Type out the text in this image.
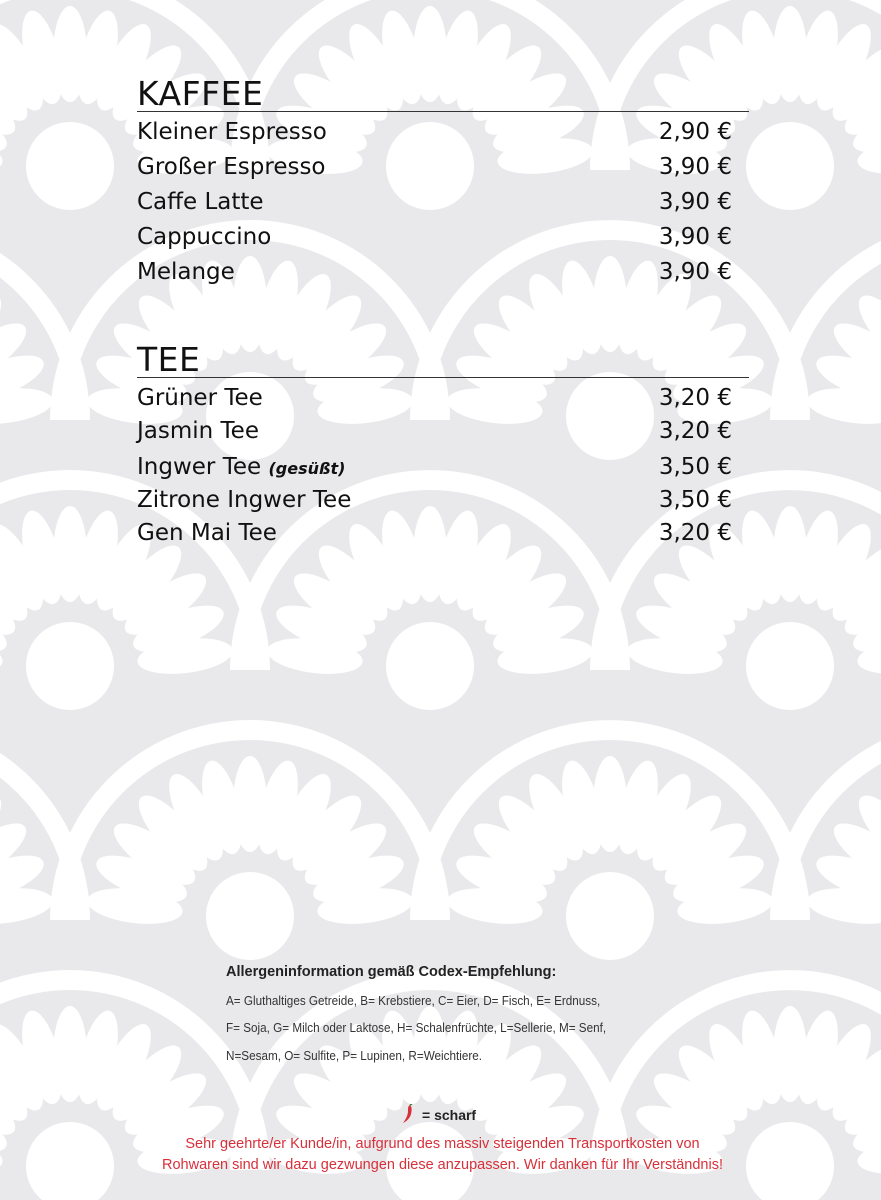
KAFFEE
Kleiner Espresso	2,90 €
Großer Espresso	3,90 €
Caffe Latte	3,90 €
Cappuccino	3,90 €
Melange	3,90 €
TEE
Grüner Tee	3,20 €
Jasmin Tee	3,20 €
Ingwer Tee (gesüßt)	3,50 €
Zitrone Ingwer Tee	3,50 €
Gen Mai Tee	3,20 €
Allergeninformation gemäß Codex-Empfehlung:
A= Gluthaltiges Getreide, B= Krebstiere, C= Eier, D= Fisch, E= Erdnuss,
F= Soja, G= Milch oder Laktose, H= Schalenfrüchte, L=Sellerie, M= Senf,
N=Sesam, O= Sulfite, P= Lupinen, R=Weichtiere.
= scharf
Sehr geehrte/er Kunde/in, aufgrund des massiv steigenden Transportkosten von
Rohwaren sind wir dazu gezwungen diese anzupassen. Wir danken für Ihr Verständnis!
